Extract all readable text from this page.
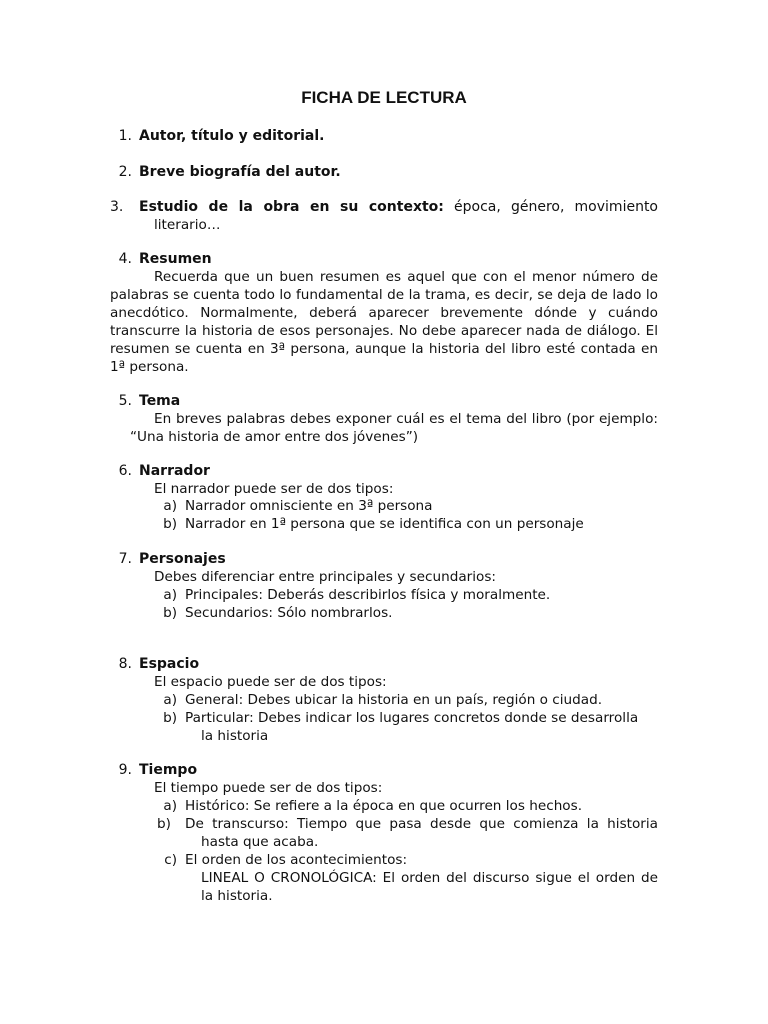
FICHA DE LECTURA
1. Autor, título y editorial.
2. Breve biografía del autor.
3. Estudio de la obra en su contexto: época, género, movimiento
literario…
4. Resumen
Recuerda que un buen resumen es aquel que con el menor número de
palabras se cuenta todo lo fundamental de la trama, es decir, se deja de lado lo
anecdótico. Normalmente, deberá aparecer brevemente dónde y cuándo
transcurre la historia de esos personajes. No debe aparecer nada de diálogo. El
resumen se cuenta en 3ª persona, aunque la historia del libro esté contada en
1ª persona.
5. Tema
En breves palabras debes exponer cuál es el tema del libro (por ejemplo:
“Una historia de amor entre dos jóvenes”)
6. Narrador
El narrador puede ser de dos tipos:
a) Narrador omnisciente en 3ª persona
b) Narrador en 1ª persona que se identifica con un personaje
7. Personajes
Debes diferenciar entre principales y secundarios:
a) Principales: Deberás describirlos física y moralmente.
b) Secundarios: Sólo nombrarlos.
8. Espacio
El espacio puede ser de dos tipos:
a) General: Debes ubicar la historia en un país, región o ciudad.
b) Particular: Debes indicar los lugares concretos donde se desarrolla
la historia
9. Tiempo
El tiempo puede ser de dos tipos:
a) Histórico: Se refiere a la época en que ocurren los hechos.
b) De transcurso: Tiempo que pasa desde que comienza la historia
hasta que acaba.
c) El orden de los acontecimientos:
LINEAL O CRONOLÓGICA: El orden del discurso sigue el orden de
la historia.
